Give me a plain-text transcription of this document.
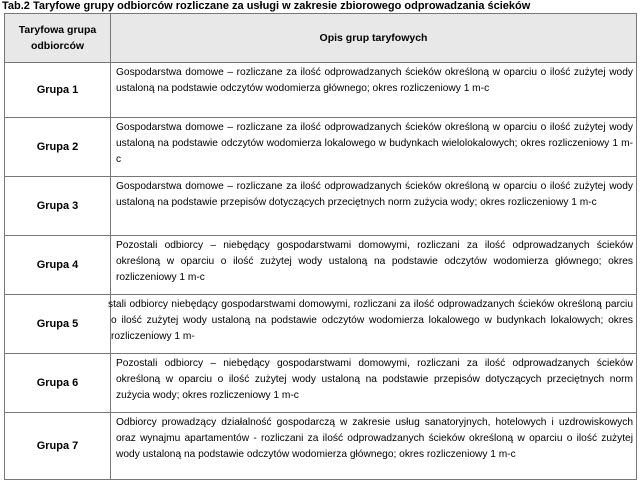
Tab.2 Taryfowe grupy odbiorców rozliczane za usługi w zakresie zbiorowego odprowadzania ścieków
Taryfowa grupa odbiorców	Opis grup taryfowych
Grupa 1	Gospodarstwa domowe – rozliczane za ilość odprowadzanych ścieków określoną w oparciu o ilość zużytej wody ustaloną na podstawie odczytów wodomierza głównego; okres rozliczeniowy 1 m-c
Grupa 2	Gospodarstwa domowe – rozliczane za ilość odprowadzanych ścieków określoną w oparciu o ilość zużytej wody ustaloną na podstawie odczytów wodomierza lokalowego w budynkach wielolokalowych; okres rozliczeniowy 1 m-c
Grupa 3	Gospodarstwa domowe – rozliczane za ilość odprowadzanych ścieków określoną w oparciu o ilość zużytej wody ustaloną na podstawie przepisów dotyczących przeciętnych norm zużycia wody; okres rozliczeniowy 1 m-c
Grupa 4	Pozostali odbiorcy – niebędący gospodarstwami domowymi, rozliczani za ilość odprowadzanych ścieków określoną w oparciu o ilość zużytej wody ustaloną na podstawie odczytów wodomierza głównego; okres rozliczeniowy 1 m-c
Grupa 5	stali odbiorcy niebędący gospodarstwami domowymi, rozliczani za ilość odprowadzanych ścieków określoną parciu o ilość zużytej wody ustaloną na podstawie odczytów wodomierza lokalowego w budynkach lokalowych; okres rozliczeniowy 1 m-
Grupa 6	Pozostali odbiorcy – niebędący gospodarstwami domowymi, rozliczani za ilość odprowadzanych ścieków określoną w oparciu o ilość zużytej wody ustaloną na podstawie przepisów dotyczących przeciętnych norm zużycia wody; okres rozliczeniowy 1 m-c
Grupa 7	Odbiorcy prowadzący działalność gospodarczą w zakresie usług sanatoryjnych, hotelowych i uzdrowiskowych oraz wynajmu apartamentów - rozliczani za ilość odprowadzanych ścieków określoną w oparciu o ilość zużytej wody ustaloną na podstawie odczytów wodomierza głównego; okres rozliczeniowy 1 m-c
